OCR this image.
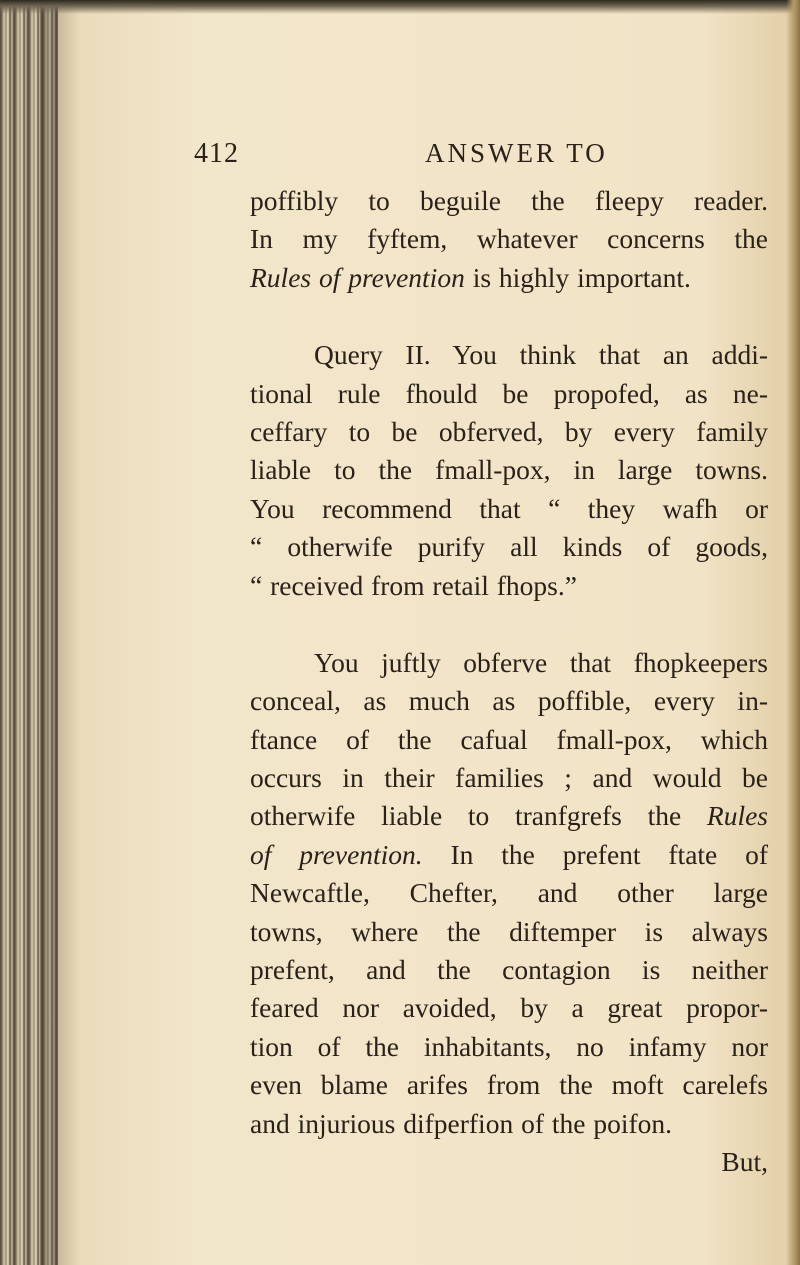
412	ANSWER TO
poffibly to beguile the fleepy reader.
In my fyftem, whatever concerns the
Rules of prevention is highly important.
Query II. You think that an addi-
tional rule fhould be propofed, as ne-
ceffary to be obferved, by every family
liable to the fmall-pox, in large towns.
You recommend that “ they wafh or
“ otherwife purify all kinds of goods,
“ received from retail fhops.”
You juftly obferve that fhopkeepers
conceal, as much as poffible, every in-
ftance of the cafual fmall-pox, which
occurs in their families ; and would be
otherwife liable to tranfgrefs the Rules
of prevention. In the prefent ftate of
Newcaftle, Chefter, and other large
towns, where the diftemper is always
prefent, and the contagion is neither
feared nor avoided, by a great propor-
tion of the inhabitants, no infamy nor
even blame arifes from the moft carelefs
and injurious difperfion of the poifon.
But,
